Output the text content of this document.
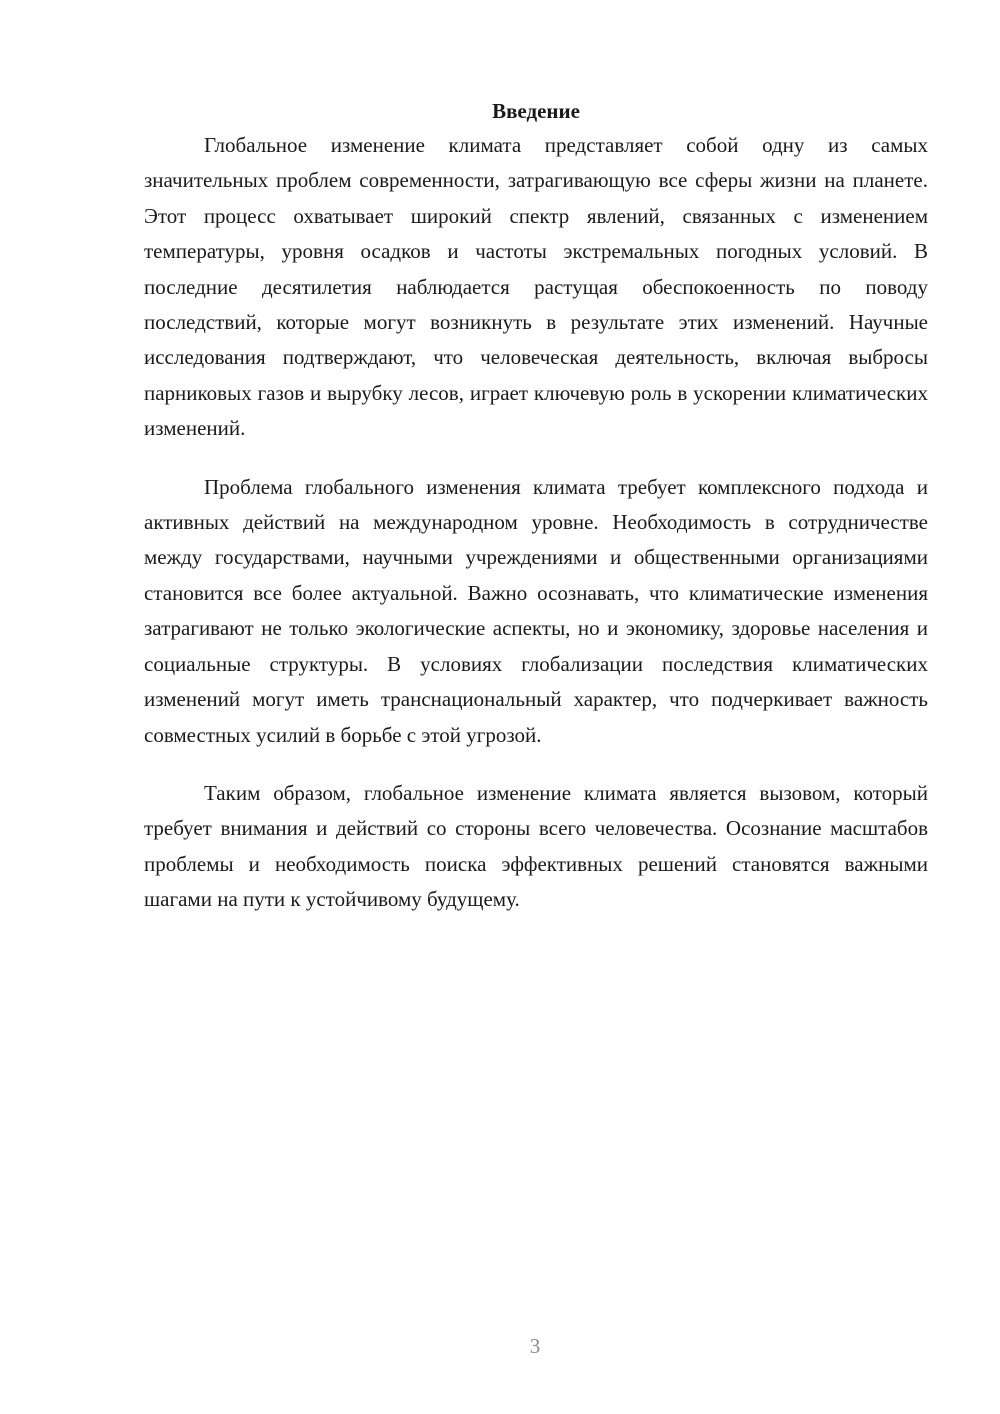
Введение

Глобальное изменение климата представляет собой одну из самых значительных проблем современности, затрагивающую все сферы жизни на планете. Этот процесс охватывает широкий спектр явлений, связанных с изменением температуры, уровня осадков и частоты экстремальных погодных условий. В последние десятилетия наблюдается растущая обеспокоенность по поводу последствий, которые могут возникнуть в результате этих изменений. Научные исследования подтверждают, что человеческая деятельность, включая выбросы парниковых газов и вырубку лесов, играет ключевую роль в ускорении климатических изменений.

Проблема глобального изменения климата требует комплексного подхода и активных действий на международном уровне. Необходимость в сотрудничестве между государствами, научными учреждениями и общественными организациями становится все более актуальной. Важно осознавать, что климатические изменения затрагивают не только экологические аспекты, но и экономику, здоровье населения и социальные структуры. В условиях глобализации последствия климатических изменений могут иметь транснациональный характер, что подчеркивает важность совместных усилий в борьбе с этой угрозой.

Таким образом, глобальное изменение климата является вызовом, который требует внимания и действий со стороны всего человечества. Осознание масштабов проблемы и необходимость поиска эффективных решений становятся важными шагами на пути к устойчивому будущему.

3
